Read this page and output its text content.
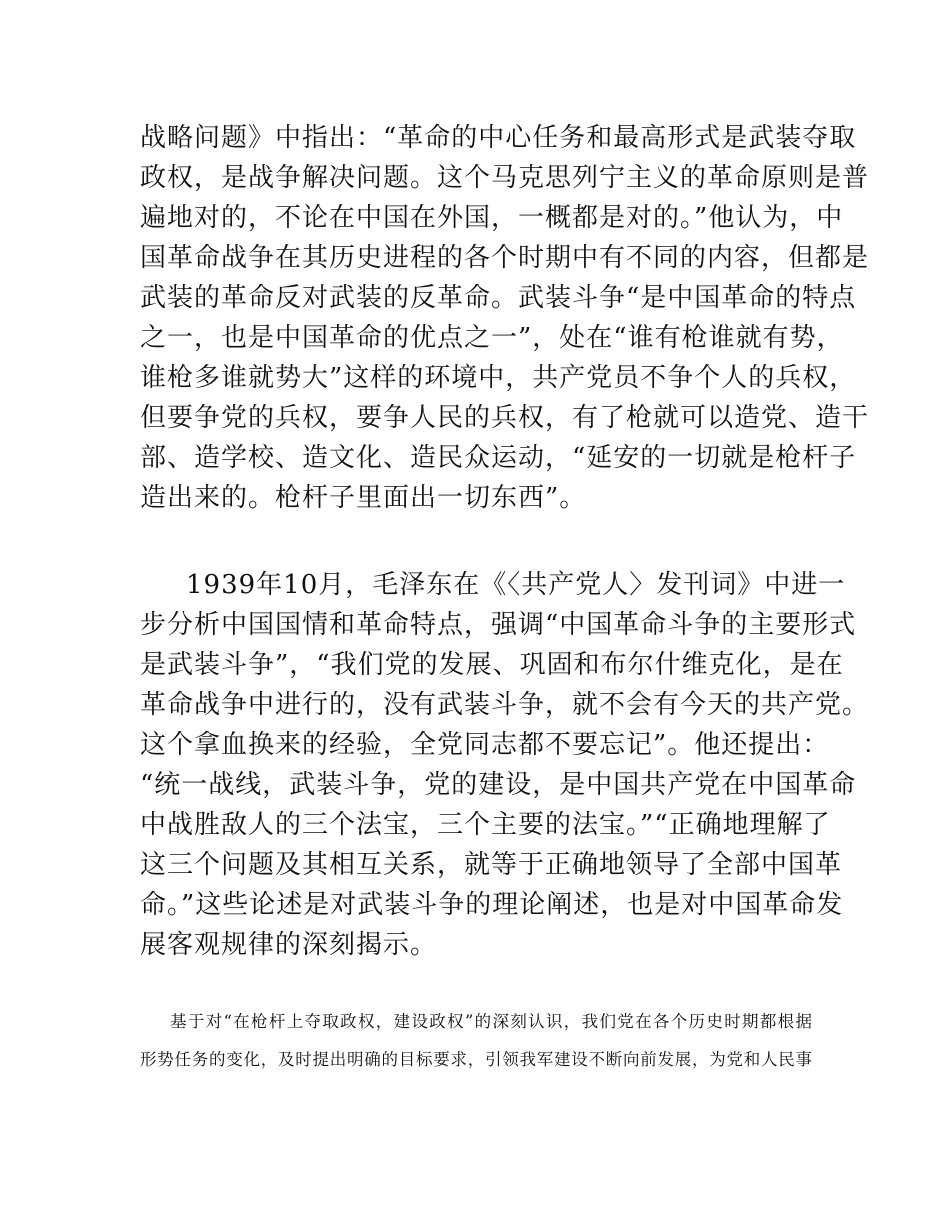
战略问题》中指出：“革命的中心任务和最高形式是武装夺取
政权，是战争解决问题。这个马克思列宁主义的革命原则是普
遍地对的，不论在中国在外国，一概都是对的。”他认为，中
国革命战争在其历史进程的各个时期中有不同的内容，但都是
武装的革命反对武装的反革命。武装斗争“是中国革命的特点
之一，也是中国革命的优点之一”，处在“谁有枪谁就有势，
谁枪多谁就势大”这样的环境中，共产党员不争个人的兵权，
但要争党的兵权，要争人民的兵权，有了枪就可以造党、造干
部、造学校、造文化、造民众运动，“延安的一切就是枪杆子
造出来的。枪杆子里面出一切东西”。
1939年10月，毛泽东在《〈共产党人〉发刊词》中进一
步分析中国国情和革命特点，强调“中国革命斗争的主要形式
是武装斗争”，“我们党的发展、巩固和布尔什维克化，是在
革命战争中进行的，没有武装斗争，就不会有今天的共产党。
这个拿血换来的经验，全党同志都不要忘记”。他还提出：
“统一战线，武装斗争，党的建设，是中国共产党在中国革命
中战胜敌人的三个法宝，三个主要的法宝。”“正确地理解了
这三个问题及其相互关系，就等于正确地领导了全部中国革
命。”这些论述是对武装斗争的理论阐述，也是对中国革命发
展客观规律的深刻揭示。
基于对“在枪杆上夺取政权，建设政权”的深刻认识，我们党在各个历史时期都根据
形势任务的变化，及时提出明确的目标要求，引领我军建设不断向前发展，为党和人民事
